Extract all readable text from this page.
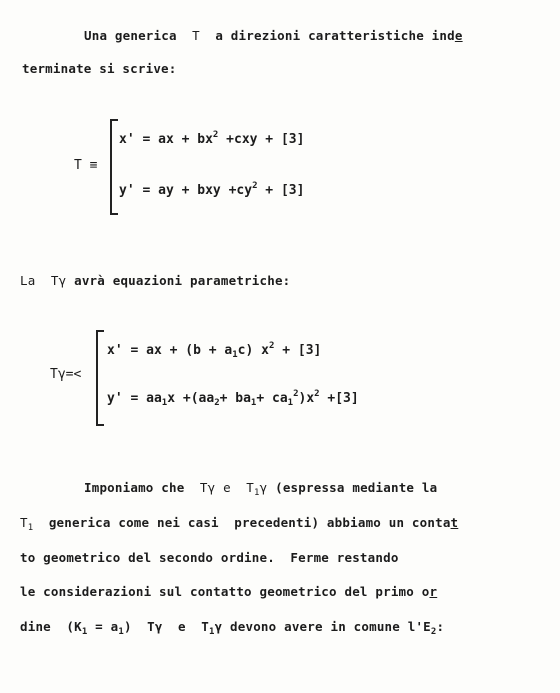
Una generica T a direzioni caratteristiche inde
terminate si scrive:
T ≡
x' = ax + $bx^2 +cxy + [3]$
y' = ay + bxy $+cy^2 + [3]$
La Tγ avrà equazioni parametriche:
Tγ=<
x' = ax + $(b + a_1c)$ $x^2 + [3]$
$y' = aa_1x +(aa_2+ ba_1+ ca_1^2)x^2 +[3]$
Imponiamo che Tγ e $T_1\gamma$ (espressa mediante la
$T_1$ generica come nei casi  precedenti) abbiamo un contat
to geometrico del secondo ordine.  Ferme restando
le considerazioni sul contatto geometrico del primo or
dine  $(K_1 = a_1)$  Tγ  e  $T_1\gamma$ devono avere in comune $l'E_2$:
